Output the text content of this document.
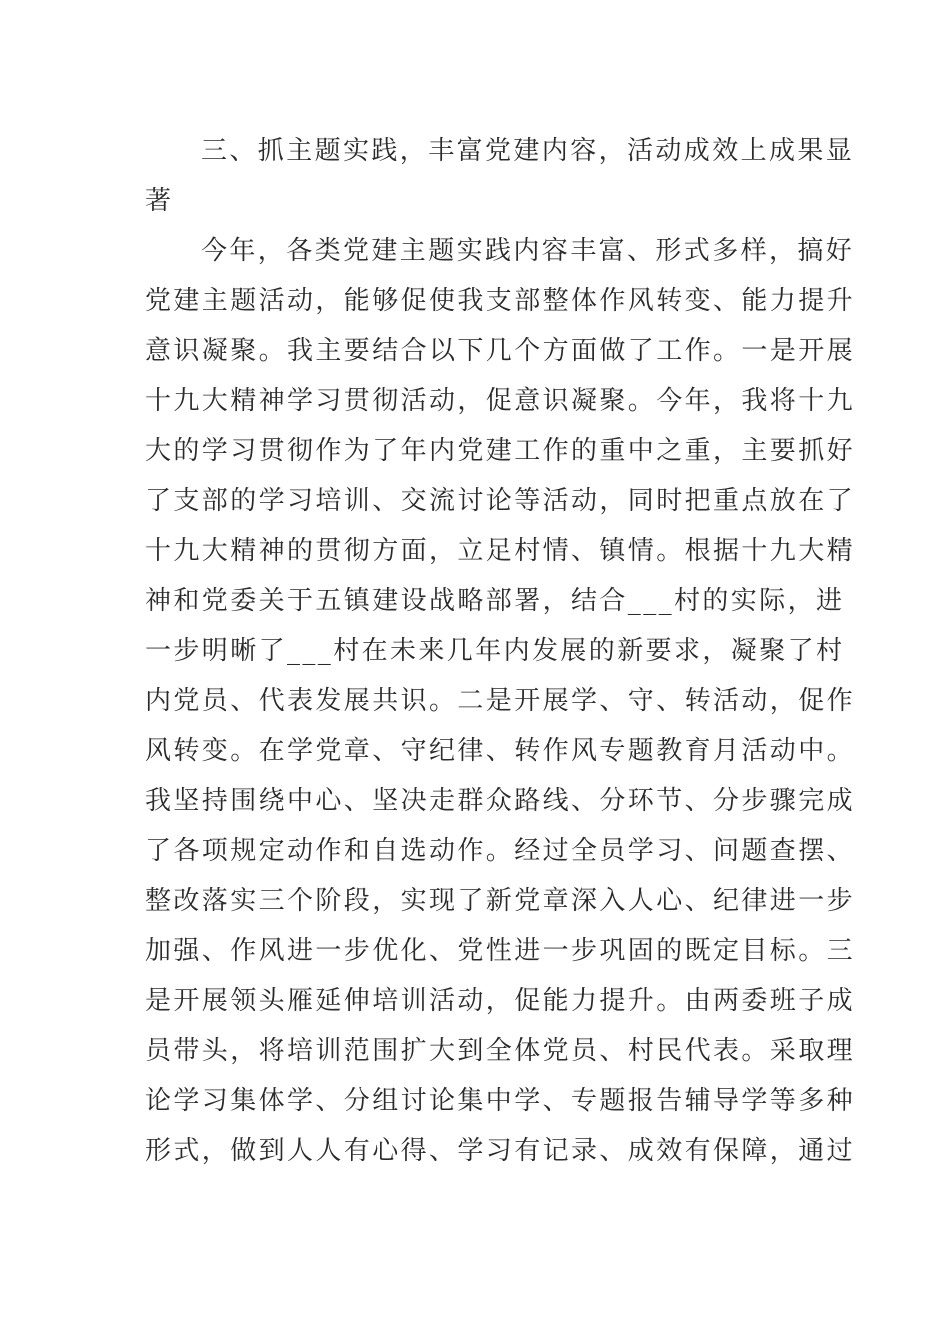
三、抓主题实践，丰富党建内容，活动成效上成果显
著
今年，各类党建主题实践内容丰富、形式多样，搞好
党建主题活动，能够促使我支部整体作风转变、能力提升
意识凝聚。我主要结合以下几个方面做了工作。一是开展
十九大精神学习贯彻活动，促意识凝聚。今年，我将十九
大的学习贯彻作为了年内党建工作的重中之重，主要抓好
了支部的学习培训、交流讨论等活动，同时把重点放在了
十九大精神的贯彻方面，立足村情、镇情。根据十九大精
神和党委关于五镇建设战略部署，结合___村的实际，进
一步明晰了___村在未来几年内发展的新要求，凝聚了村
内党员、代表发展共识。二是开展学、守、转活动，促作
风转变。在学党章、守纪律、转作风专题教育月活动中。
我坚持围绕中心、坚决走群众路线、分环节、分步骤完成
了各项规定动作和自选动作。经过全员学习、问题查摆、
整改落实三个阶段，实现了新党章深入人心、纪律进一步
加强、作风进一步优化、党性进一步巩固的既定目标。三
是开展领头雁延伸培训活动，促能力提升。由两委班子成
员带头，将培训范围扩大到全体党员、村民代表。采取理
论学习集体学、分组讨论集中学、专题报告辅导学等多种
形式，做到人人有心得、学习有记录、成效有保障，通过
